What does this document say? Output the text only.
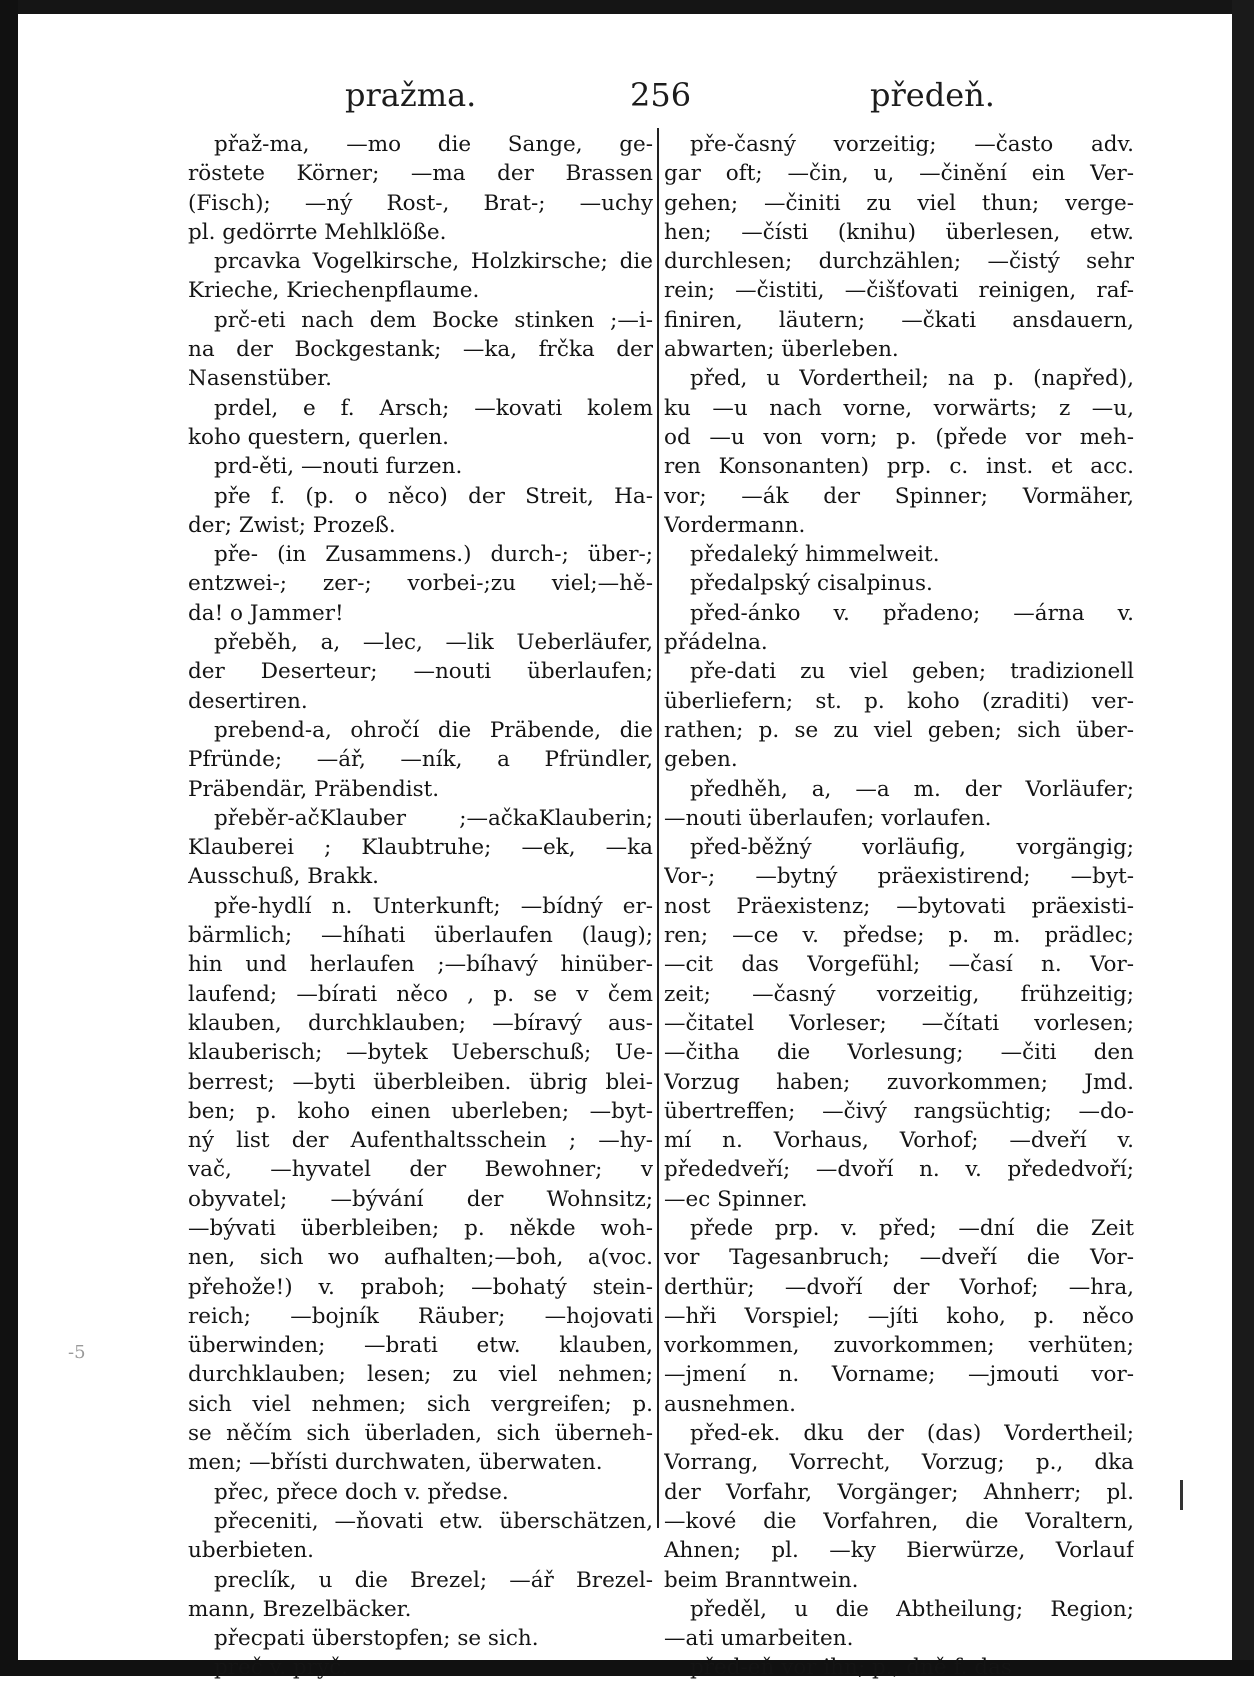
pražma.	256	předeň.
přaž-ma, —mo die Sange, ge-
röstete Körner; —ma der Brassen
(Fisch); —ný Rost-, Brat-; —uchy
pl. gedörrte Mehlklöße.
prcavka Vogelkirsche, Holzkirsche; die
Krieche, Kriechenpflaume.
prč-eti nach dem Bocke stinken ;—i-
na der Bockgestank; —ka, frčka der
Nasenstüber.
prdel, e f. Arsch; —kovati kolem
koho questern, querlen.
prd-ěti, —nouti furzen.
pře f. (p. o něco) der Streit, Ha-
der; Zwist; Prozeß.
pře- (in Zusammens.) durch-; über-;
entzwei-; zer-; vorbei-;zu viel;—hě-
da! o Jammer!
přeběh, a, —lec, —lik Ueberläufer,
der Deserteur; —nouti überlaufen;
desertiren.
prebend-a, ohročí die Präbende, die
Pfründe; —ář, —ník, a Pfründler,
Präbendär, Präbendist.
přeběr-ačKlauber ;—ačkaKlauberin;
Klauberei ; Klaubtruhe; —ek, —ka
Ausschuß, Brakk.
pře-hydlí n. Unterkunft; —bídný er-
bärmlich; —híhati überlaufen (laug);
hin und herlaufen ;—bíhavý hinüber-
laufend; —bírati něco , p. se v čem
klauben, durchklauben; —bíravý aus-
klauberisch; —bytek Ueberschuß; Ue-
berrest; —byti überbleiben. übrig blei-
ben; p. koho einen uberleben; —byt-
ný list der Aufenthaltsschein ; —hy-
vač, —hyvatel der Bewohner; v
obyvatel; —bývání der Wohnsitz;
—bývati überbleiben; p. někde woh-
nen, sich wo aufhalten;—boh, a(voc.
přehože!) v. praboh; —bohatý stein-
reich; —bojník Räuber; —hojovati
überwinden; —brati etw. klauben,
durchklauben; lesen; zu viel nehmen;
sich viel nehmen; sich vergreifen; p.
se něčím sich überladen, sich überneh-
men; —břísti durchwaten, überwaten.
přec, přece doch v. předse.
přeceniti, —ňovati etw. überschätzen,
uberbieten.
preclík, u die Brezel; —ář Brezel-
mann, Brezelbäcker.
přecpati überstopfen; se sich.
preč v. pryč.
pře-časný vorzeitig; —často adv.
gar oft; —čin, u, —činění ein Ver-
gehen; —činiti zu viel thun; verge-
hen; —čísti (knihu) überlesen, etw.
durchlesen; durchzählen; —čistý sehr
rein; —čistiti, —čišťovati reinigen, raf-
finiren, läutern; —čkati ansdauern,
abwarten; überleben.
před, u Vordertheil; na p. (napřed),
ku —u nach vorne, vorwärts; z —u,
od —u von vorn; p. (přede vor meh-
ren Konsonanten) prp. c. inst. et acc.
vor; —ák der Spinner; Vormäher,
Vordermann.
předaleký himmelweit.
předalpský cisalpinus.
před-ánko v. přadeno; —árna v.
přádelna.
pře-dati zu viel geben; tradizionell
überliefern; st. p. koho (zraditi) ver-
rathen; p. se zu viel geben; sich über-
geben.
předhěh, a, —a m. der Vorläufer;
—nouti überlaufen; vorlaufen.
před-běžný vorläufig, vorgängig;
Vor-; —bytný präexistirend; —byt-
nost Präexistenz; —bytovati präexisti-
ren; —ce v. předse; p. m. prädlec;
—cit das Vorgefühl; —časí n. Vor-
zeit; —časný vorzeitig, frühzeitig;
—čitatel Vorleser; —čítati vorlesen;
—čitha die Vorlesung; —čiti den
Vorzug haben; zuvorkommen; Jmd.
übertreffen; —čivý rangsüchtig; —do-
mí n. Vorhaus, Vorhof; —dveří v.
přededveří; —dvoří n. v. přededvoří;
—ec Spinner.
přede prp. v. před; —dní die Zeit
vor Tagesanbruch; —dveří die Vor-
derthür; —dvoří der Vorhof; —hra,
—hři Vorspiel; —jíti koho, p. něco
vorkommen, zuvorkommen; verhüten;
—jmení n. Vorname; —jmouti vor-
ausnehmen.
před-ek. dku der (das) Vordertheil;
Vorrang, Vorrecht, Vorzug; p., dka
der Vorfahr, Vorgänger; Ahnherr; pl.
—kové die Vorfahren, die Voraltern,
Ahnen; pl. —ky Bierwürze, Vorlauf
beim Branntwein.
předěl, u die Abtheilung; Region;
—ati umarbeiten.
před-eň vor ihn; p., dně f. das
-5
